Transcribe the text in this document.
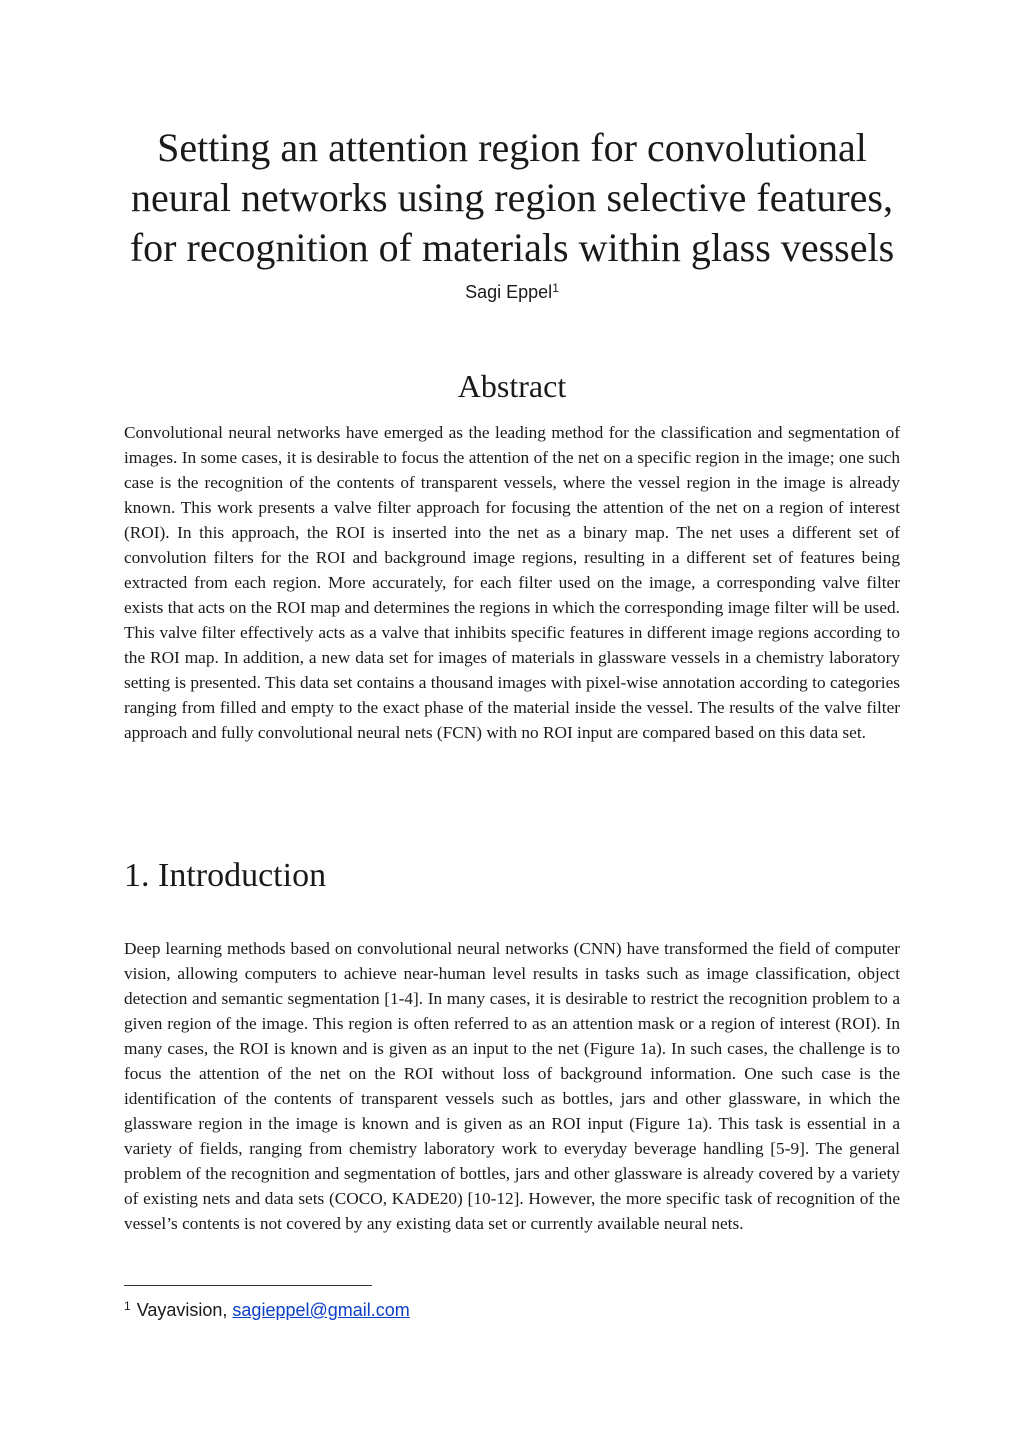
Setting an attention region for convolutional neural networks using region selective features, for recognition of materials within glass vessels
Sagi Eppel$^1$
Abstract

Convolutional neural networks have emerged as the leading method for the classification and segmentation of images. In some cases, it is desirable to focus the attention of the net on a specific region in the image; one such case is the recognition of the contents of transparent vessels, where the vessel region in the image is already known. This work presents a valve filter approach for focusing the attention of the net on a region of interest (ROI). In this approach, the ROI is inserted into the net as a binary map. The net uses a different set of convolution filters for the ROI and background image regions, resulting in a different set of features being extracted from each region. More accurately, for each filter used on the image, a corresponding valve filter exists that acts on the ROI map and determines the regions in which the corresponding image filter will be used. This valve filter effectively acts as a valve that inhibits specific features in different image regions according to the ROI map. In addition, a new data set for images of materials in glassware vessels in a chemistry laboratory setting is presented. This data set contains a thousand images with pixel-wise annotation according to categories ranging from filled and empty to the exact phase of the material inside the vessel. The results of the valve filter approach and fully convolutional neural nets (FCN) with no ROI input are compared based on this data set.

1. Introduction

Deep learning methods based on convolutional neural networks (CNN) have transformed the field of computer vision, allowing computers to achieve near-human level results in tasks such as image classification, object detection and semantic segmentation [1-4]. In many cases, it is desirable to restrict the recognition problem to a given region of the image. This region is often referred to as an attention mask or a region of interest (ROI). In many cases, the ROI is known and is given as an input to the net (Figure 1a). In such cases, the challenge is to focus the attention of the net on the ROI without loss of background information. One such case is the identification of the contents of transparent vessels such as bottles, jars and other glassware, in which the glassware region in the image is known and is given as an ROI input (Figure 1a). This task is essential in a variety of fields, ranging from chemistry laboratory work to everyday beverage handling [5-9]. The general problem of the recognition and segmentation of bottles, jars and other glassware is already covered by a variety of existing nets and data sets (COCO, KADE20) [10-12]. However, the more specific task of recognition of the vessel’s contents is not covered by any existing data set or currently available neural nets.

$^1$ Vayavision, sagieppel@gmail.com
